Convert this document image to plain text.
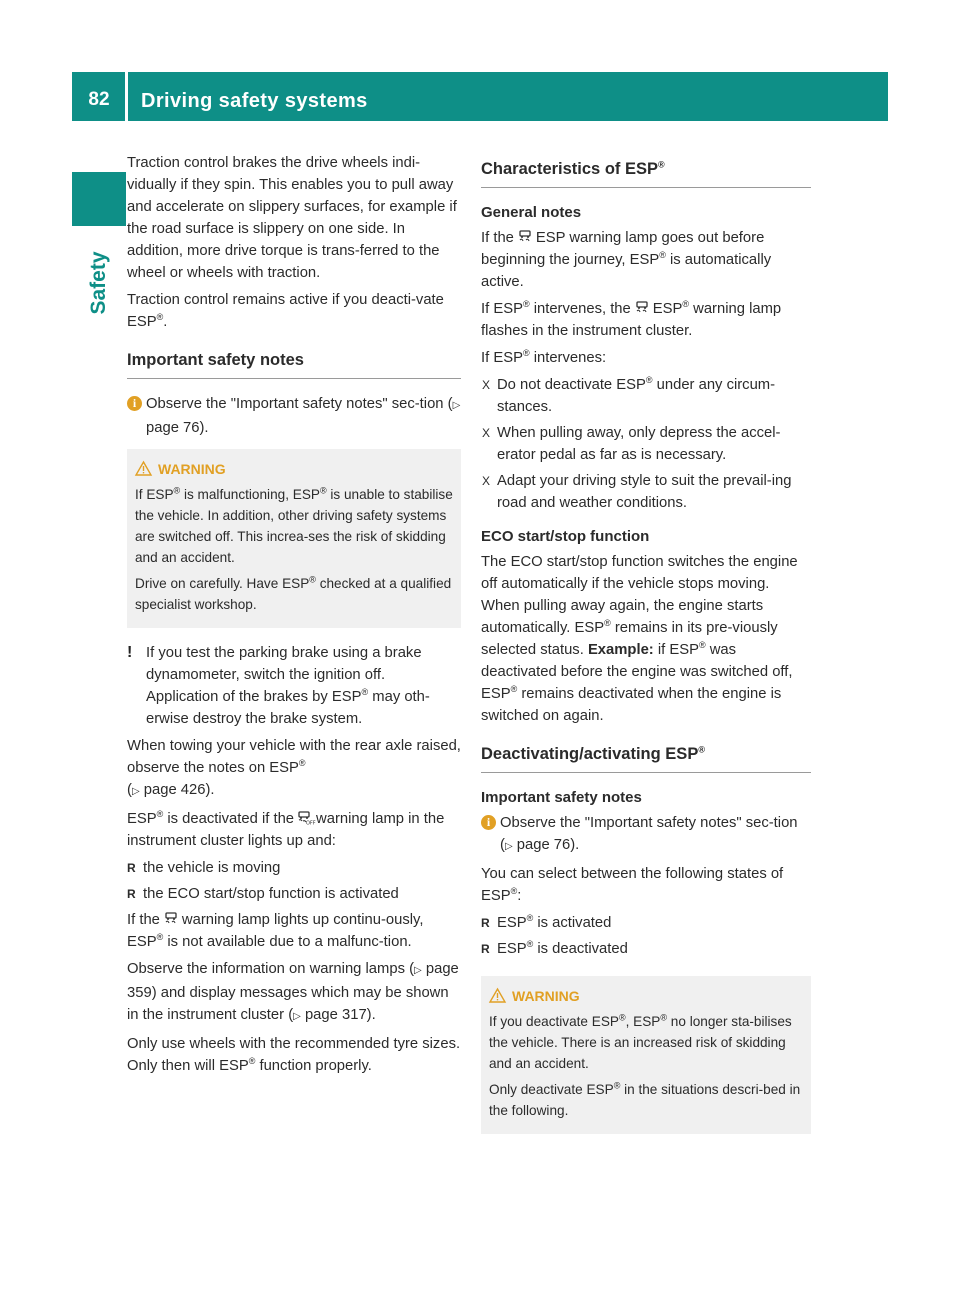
82	Driving safety systems
Safety

Traction control brakes the drive wheels indi-vidually if they spin. This enables you to pull away and accelerate on slippery surfaces, for example if the road surface is slippery on one side. In addition, more drive torque is trans-ferred to the wheel or wheels with traction.

Traction control remains active if you deacti-vate ESP®.

Important safety notes
i Observe the "Important safety notes" sec-tion (▷ page 76).
WARNING

If ESP® is malfunctioning, ESP® is unable to stabilise the vehicle. In addition, other driving safety systems are switched off. This increa-ses the risk of skidding and an accident.

Drive on carefully. Have ESP® checked at a qualified specialist workshop.

! If you test the parking brake using a brake dynamometer, switch the ignition off.
Application of the brakes by ESP® may oth-erwise destroy the brake system.

When towing your vehicle with the rear axle raised, observe the notes on ESP®
(▷ page 426).

ESP® is deactivated if the OFF warning lamp in the instrument cluster lights up and:

R the vehicle is moving
R the ECO start/stop function is activated

If the warning lamp lights up continu-ously, ESP® is not available due to a malfunc-tion.

Observe the information on warning lamps (▷ page 359) and display messages which may be shown in the instrument cluster (▷ page 317).

Only use wheels with the recommended tyre sizes. Only then will ESP® function properly.

Characteristics of ESP®
General notes

If the ESP warning lamp goes out before beginning the journey, ESP® is automatically active.

If ESP® intervenes, the ESP® warning lamp flashes in the instrument cluster.

If ESP® intervenes:

X Do not deactivate ESP® under any circum-stances.
X When pulling away, only depress the accel-erator pedal as far as is necessary.
X Adapt your driving style to suit the prevail-ing road and weather conditions.
ECO start/stop function

The ECO start/stop function switches the engine off automatically if the vehicle stops moving. When pulling away again, the engine starts automatically. ESP® remains in its pre-viously selected status. Example: if ESP® was deactivated before the engine was switched off, ESP® remains deactivated when the engine is switched on again.

Deactivating/activating ESP®
Important safety notes
i Observe the "Important safety notes" sec-tion (▷ page 76).

You can select between the following states of ESP®:

R ESP® is activated
R ESP® is deactivated
WARNING

If you deactivate ESP®, ESP® no longer sta-bilises the vehicle. There is an increased risk of skidding and an accident.

Only deactivate ESP® in the situations descri-bed in the following.
